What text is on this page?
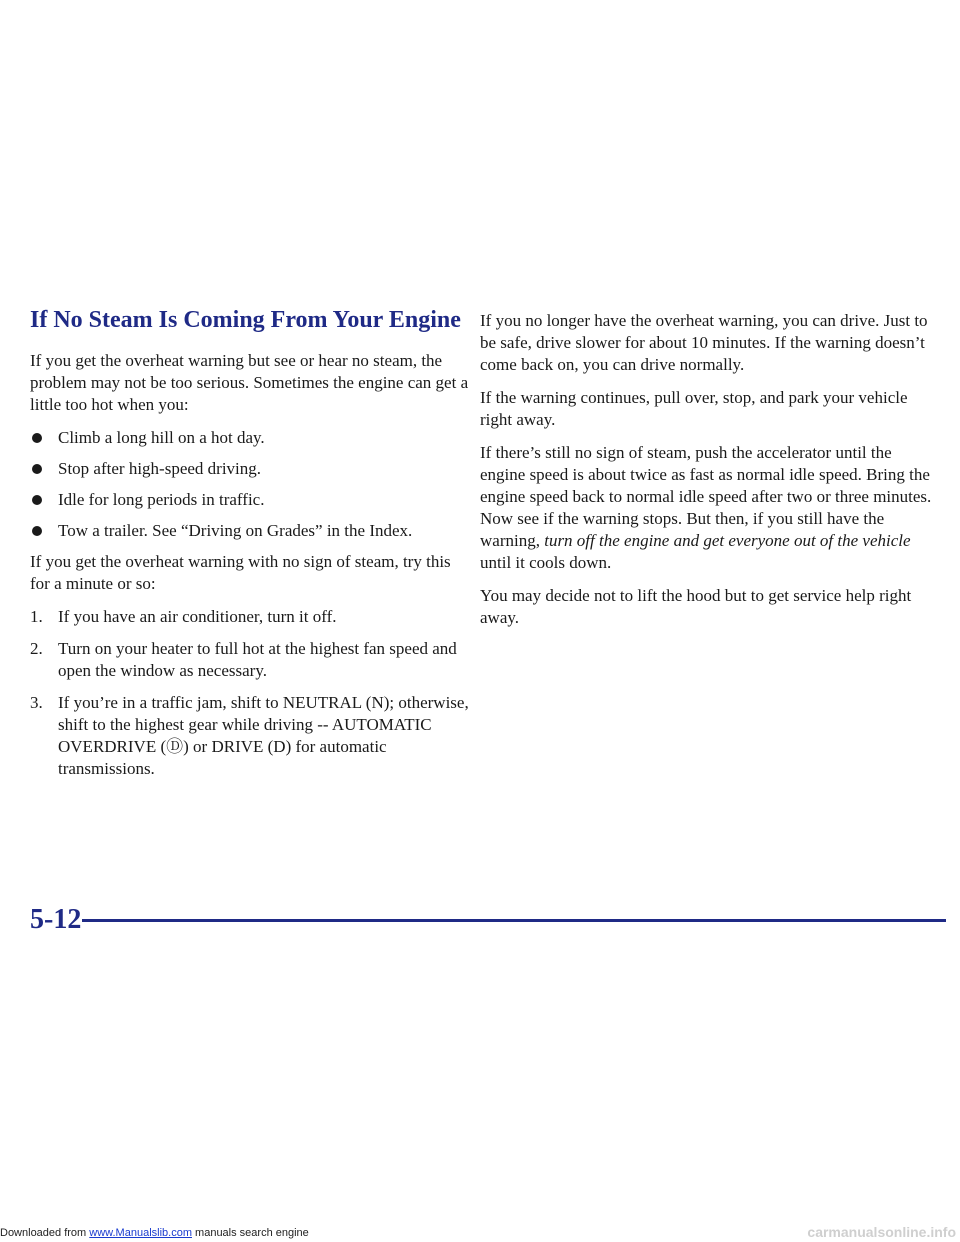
If No Steam Is Coming From Your Engine

If you get the overheat warning but see or hear no steam, the problem may not be too serious. Sometimes the engine can get a little too hot when you:

Climb a long hill on a hot day.
Stop after high-speed driving.
Idle for long periods in traffic.
Tow a trailer. See “Driving on Grades” in the Index.

If you get the overheat warning with no sign of steam, try this for a minute or so:

1. If you have an air conditioner, turn it off.
2. Turn on your heater to full hot at the highest fan speed and open the window as necessary.
3. If you’re in a traffic jam, shift to NEUTRAL (N); otherwise, shift to the highest gear while driving -- AUTOMATIC OVERDRIVE (Ⓓ) or DRIVE (D) for automatic transmissions.

If you no longer have the overheat warning, you can drive. Just to be safe, drive slower for about 10 minutes. If the warning doesn’t come back on, you can drive normally.

If the warning continues, pull over, stop, and park your vehicle right away.

If there’s still no sign of steam, push the accelerator until the engine speed is about twice as fast as normal idle speed. Bring the engine speed back to normal idle speed after two or three minutes. Now see if the warning stops. But then, if you still have the warning, turn off the engine and get everyone out of the vehicle until it cools down.

You may decide not to lift the hood but to get service help right away.

5-12
Downloaded from www.Manualslib.com manuals search engine	carmanualsonline.info
